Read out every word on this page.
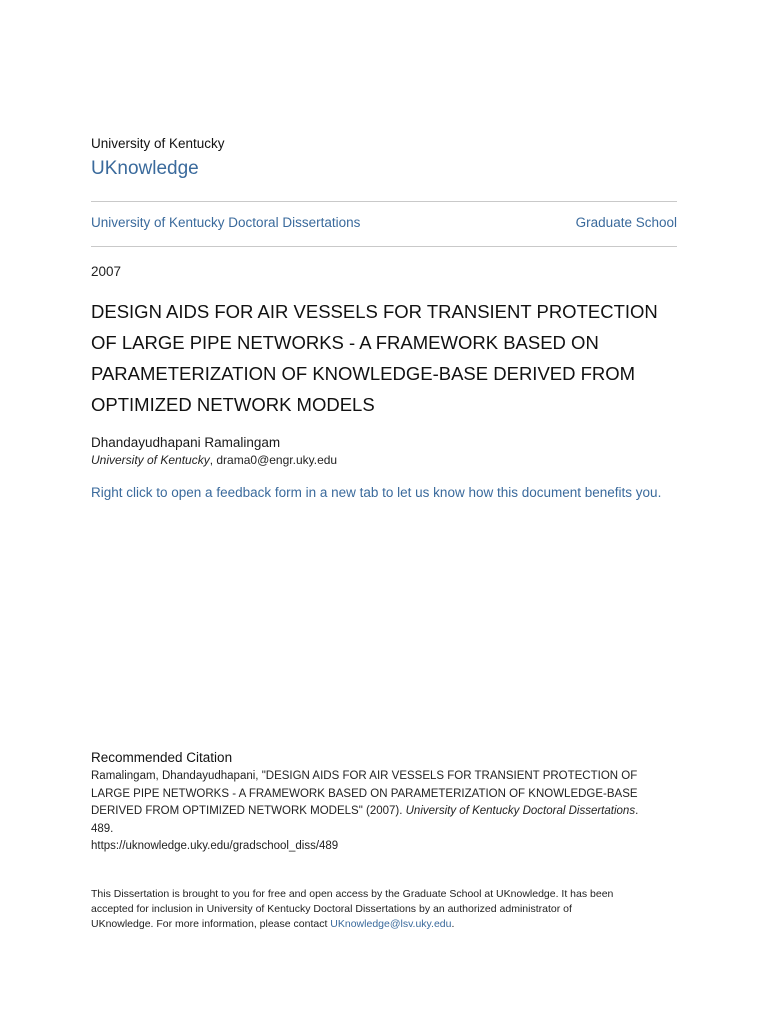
University of Kentucky
UKnowledge
University of Kentucky Doctoral Dissertations	Graduate School
2007
DESIGN AIDS FOR AIR VESSELS FOR TRANSIENT PROTECTION
OF LARGE PIPE NETWORKS - A FRAMEWORK BASED ON
PARAMETERIZATION OF KNOWLEDGE-BASE DERIVED FROM
OPTIMIZED NETWORK MODELS
Dhandayudhapani Ramalingam
University of Kentucky, drama0@engr.uky.edu
Right click to open a feedback form in a new tab to let us know how this document benefits you.
Recommended Citation
Ramalingam, Dhandayudhapani, "DESIGN AIDS FOR AIR VESSELS FOR TRANSIENT PROTECTION OF
LARGE PIPE NETWORKS - A FRAMEWORK BASED ON PARAMETERIZATION OF KNOWLEDGE-BASE
DERIVED FROM OPTIMIZED NETWORK MODELS" (2007). University of Kentucky Doctoral Dissertations.
489.
https://uknowledge.uky.edu/gradschool_diss/489
This Dissertation is brought to you for free and open access by the Graduate School at UKnowledge. It has been
accepted for inclusion in University of Kentucky Doctoral Dissertations by an authorized administrator of
UKnowledge. For more information, please contact UKnowledge@lsv.uky.edu.
